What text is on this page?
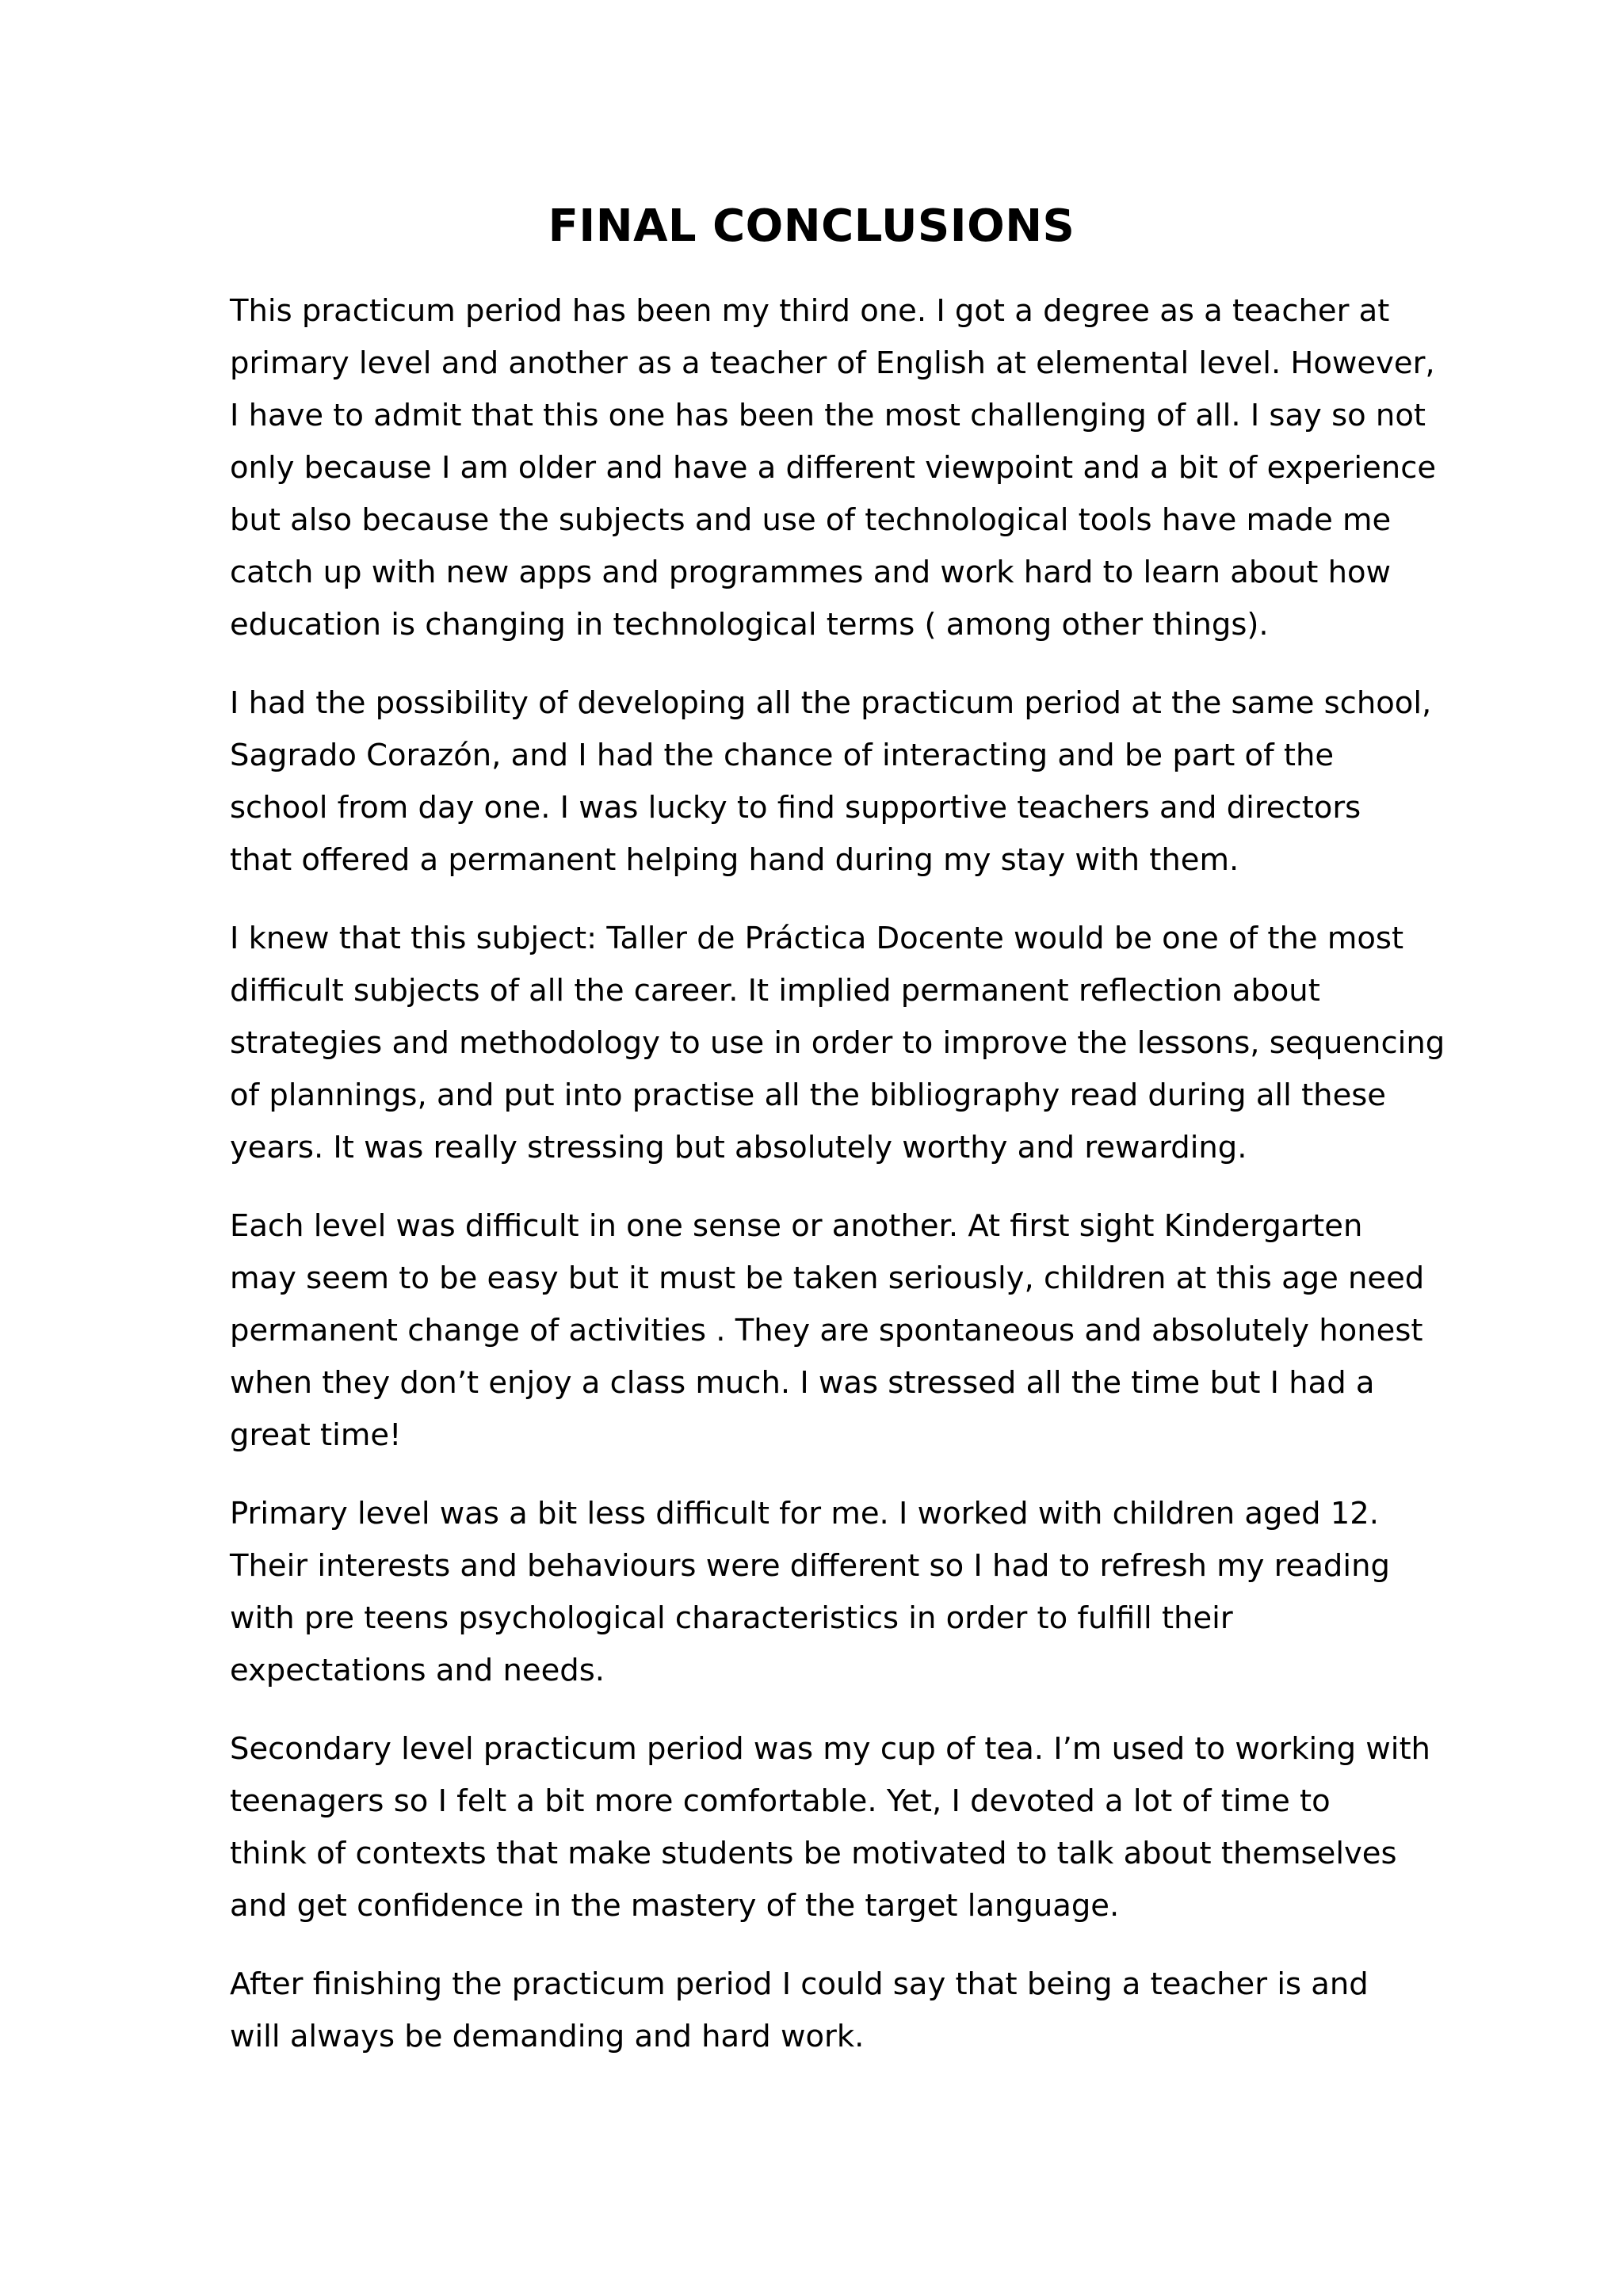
FINAL CONCLUSIONS

This practicum period has been my third one. I got a degree as a teacher at
primary level and another as a teacher of English at elemental level. However,
I have to admit that this one has been the most challenging of all. I say so not
only because I am older and have a different viewpoint and a bit of experience
but also because the subjects and use of technological tools have made me
catch up with new apps and programmes and work hard to learn about how
education is changing in technological terms ( among other things).

I had the possibility of developing all the practicum period at the same school,
Sagrado Corazón, and I had the chance of interacting and be part of the
school from day one. I was lucky to find supportive teachers and directors
that offered a permanent helping hand during my stay with them.

I knew that this subject: Taller de Práctica Docente would be one of the most
difficult subjects of all the career. It implied permanent reflection about
strategies and methodology to use in order to improve the lessons, sequencing
of plannings, and put into practise all the bibliography read during all these
years. It was really stressing but absolutely worthy and rewarding.

Each level was difficult in one sense or another. At first sight Kindergarten
may seem to be easy but it must be taken seriously, children at this age need
permanent change of activities . They are spontaneous and absolutely honest
when they don’t enjoy a class much. I was stressed all the time but I had a
great time!

Primary level was a bit less difficult for me. I worked with children aged 12.
Their interests and behaviours were different so I had to refresh my reading
with pre teens psychological characteristics in order to fulfill their
expectations and needs.

Secondary level practicum period was my cup of tea. I’m used to working with
teenagers so I felt a bit more comfortable. Yet, I devoted a lot of time to
think of contexts that make students be motivated to talk about themselves
and get confidence in the mastery of the target language.

After finishing the practicum period I could say that being a teacher is and
will always be demanding and hard work.
